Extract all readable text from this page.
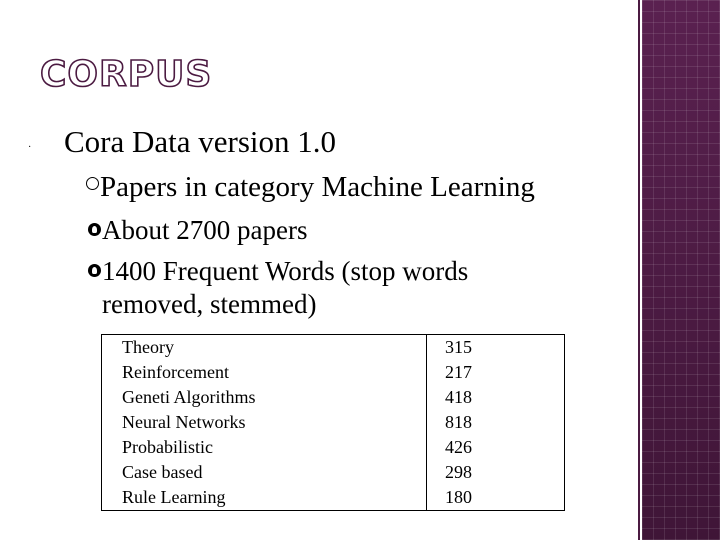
CORPUS
· Cora Data version 1.0
Papers in category Machine Learning
About 2700 papers
1400 Frequent Words (stop words
removed, stemmed)
Theory	315
Reinforcement	217
Geneti Algorithms	418
Neural Networks	818
Probabilistic	426
Case based	298
Rule Learning	180
